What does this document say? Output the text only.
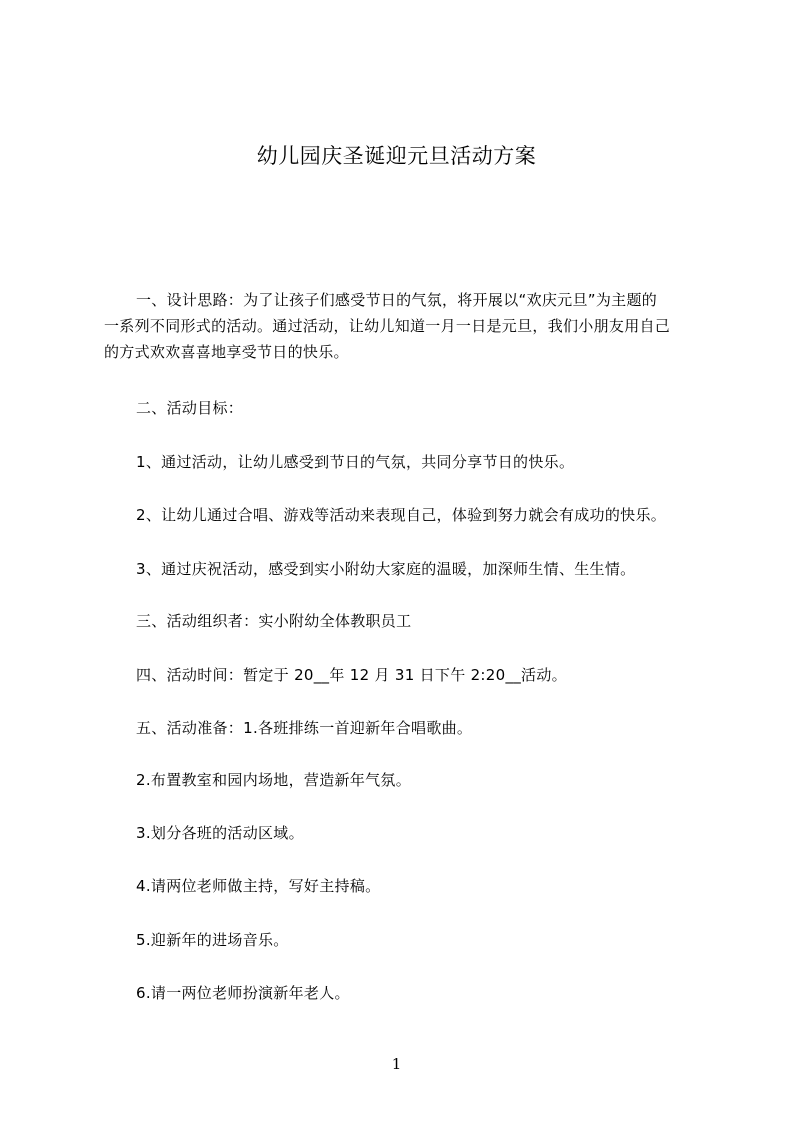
幼儿园庆圣诞迎元旦活动方案
一、设计思路：为了让孩子们感受节日的气氛，将开展以“欢庆元旦”为主题的
一系列不同形式的活动。通过活动，让幼儿知道一月一日是元旦，我们小朋友用自己
的方式欢欢喜喜地享受节日的快乐。

二、活动目标：

1、通过活动，让幼儿感受到节日的气氛，共同分享节日的快乐。

2、让幼儿通过合唱、游戏等活动来表现自己，体验到努力就会有成功的快乐。

3、通过庆祝活动，感受到实小附幼大家庭的温暖，加深师生情、生生情。

三、活动组织者：实小附幼全体教职员工

四、活动时间：暂定于 20__年 12 月 31 日下午 2:20__活动。

五、活动准备：1.各班排练一首迎新年合唱歌曲。

2.布置教室和园内场地，营造新年气氛。

3.划分各班的活动区域。

4.请两位老师做主持，写好主持稿。

5.迎新年的进场音乐。

6.请一两位老师扮演新年老人。

1
